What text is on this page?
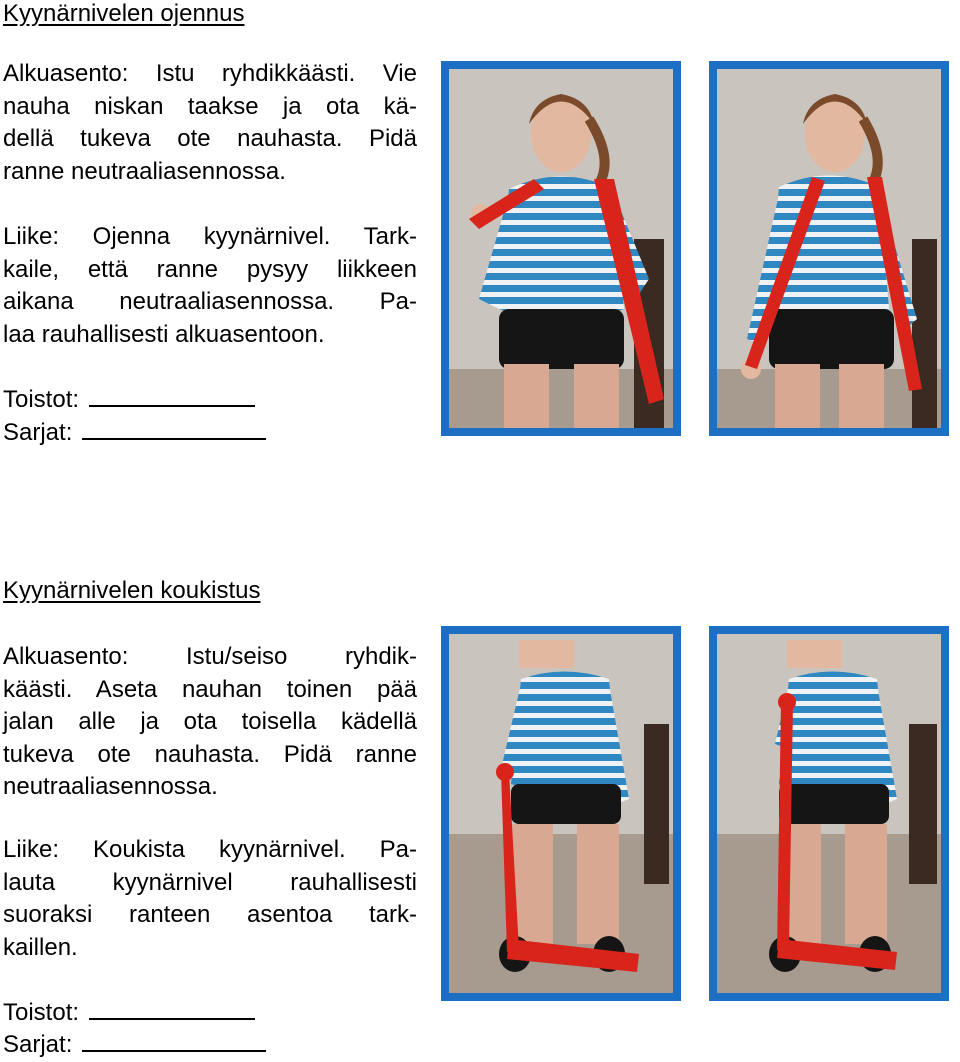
Kyynärnivelen ojennus
Alkuasento: Istu ryhdikkäästi. Vie
nauha niskan taakse ja ota kä-
dellä tukeva ote nauhasta. Pidä
ranne neutraaliasennossa.
Liike: Ojenna kyynärnivel. Tark-
kaile, että ranne pysyy liikkeen
aikana neutraaliasennossa. Pa-
laa rauhallisesti alkuasentoon.
Toistot:
Sarjat:
Kyynärnivelen koukistus
Alkuasento: Istu/seiso ryhdik-
käästi. Aseta nauhan toinen pää
jalan alle ja ota toisella kädellä
tukeva ote nauhasta. Pidä ranne
neutraaliasennossa.
Liike: Koukista kyynärnivel. Pa-
lauta kyynärnivel rauhallisesti
suoraksi ranteen asentoa tark-
kaillen.
Toistot:
Sarjat:
